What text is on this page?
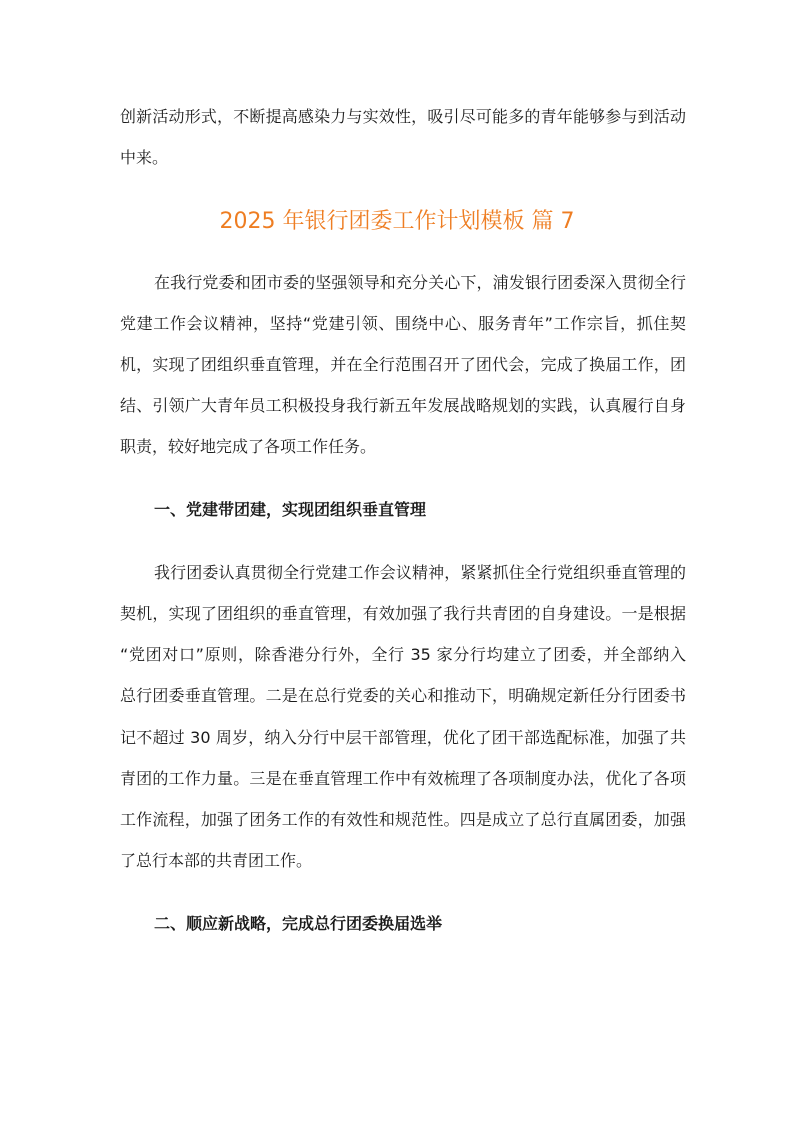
创新活动形式，不断提高感染力与实效性，吸引尽可能多的青年能够参与到活动

中来。

2025 年银行团委工作计划模板 篇 7

在我行党委和团市委的坚强领导和充分关心下，浦发银行团委深入贯彻全行

党建工作会议精神，坚持“党建引领、围绕中心、服务青年”工作宗旨，抓住契

机，实现了团组织垂直管理，并在全行范围召开了团代会，完成了换届工作，团

结、引领广大青年员工积极投身我行新五年发展战略规划的实践，认真履行自身

职责，较好地完成了各项工作任务。

一、党建带团建，实现团组织垂直管理

我行团委认真贯彻全行党建工作会议精神，紧紧抓住全行党组织垂直管理的

契机，实现了团组织的垂直管理，有效加强了我行共青团的自身建设。一是根据

“党团对口”原则，除香港分行外，全行 35 家分行均建立了团委，并全部纳入

总行团委垂直管理。二是在总行党委的关心和推动下，明确规定新任分行团委书

记不超过 30 周岁，纳入分行中层干部管理，优化了团干部选配标准，加强了共

青团的工作力量。三是在垂直管理工作中有效梳理了各项制度办法，优化了各项

工作流程，加强了团务工作的有效性和规范性。四是成立了总行直属团委，加强

了总行本部的共青团工作。

二、顺应新战略，完成总行团委换届选举
